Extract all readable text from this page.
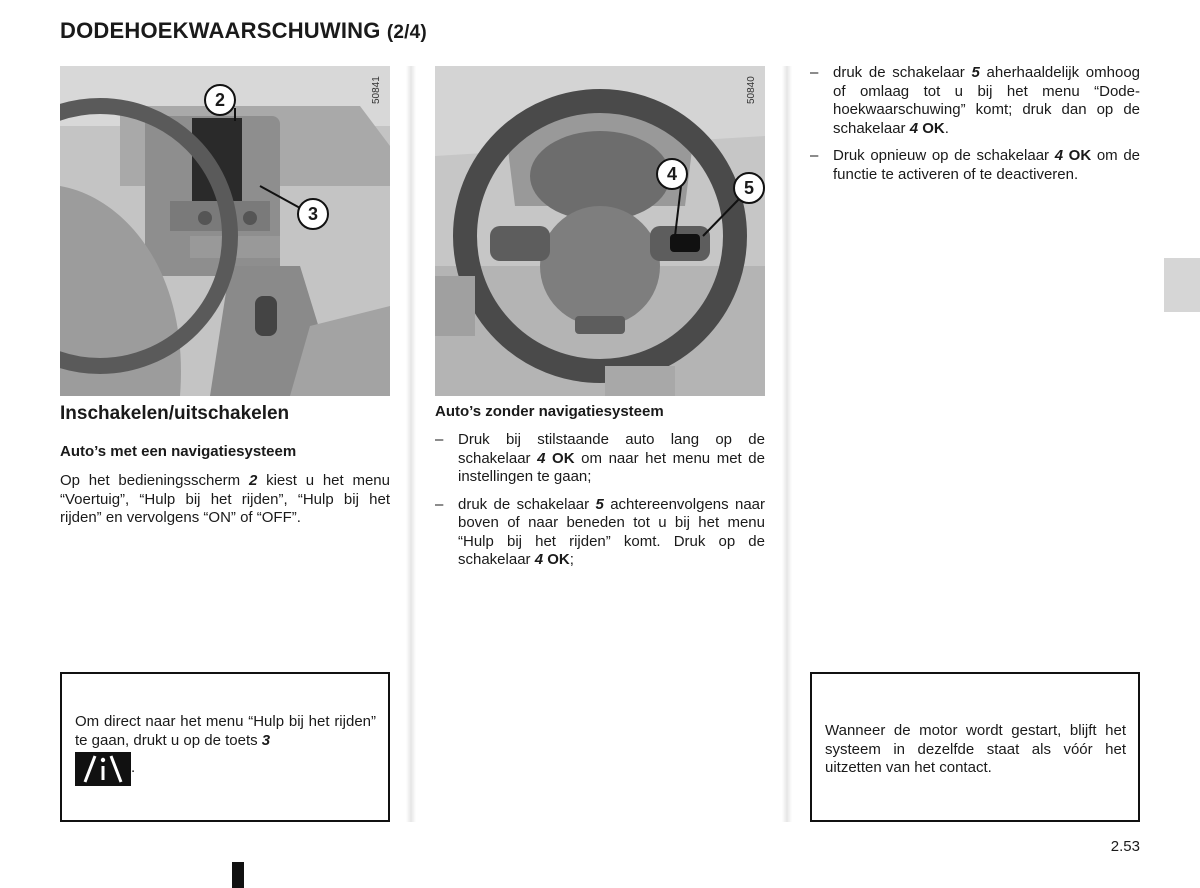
DODEHOEKWAARSCHUWING (2/4)
2
3
50841
4
5
50840
Inschakelen/uitschakelen
Auto’s met een navigatiesysteem
Op het bedieningsscherm 2 kiest u het menu “Voertuig”, “Hulp bij het rijden”, “Hulp bij het rijden” en vervolgens “ON” of “OFF”.
Om direct naar het menu “Hulp bij het rijden” te gaan, drukt u op de toets 3
.
Auto’s zonder navigatiesysteem
– Druk bij stilstaande auto lang op de schakelaar 4 OK om naar het menu met de instellingen te gaan;
– druk de schakelaar 5 achtereenvolgens naar boven of naar beneden tot u bij het menu “Hulp bij het rijden” komt. Druk op de schakelaar 4 OK;
– druk de schakelaar 5 aherhaaldelijk omhoog of omlaag tot u bij het menu “Dode-hoekwaarschuwing” komt; druk dan op de schakelaar 4 OK.
– Druk opnieuw op de schakelaar 4 OK om de functie te activeren of te deactiveren.
Wanneer de motor wordt gestart, blijft het systeem in dezelfde staat als vóór het uitzetten van het contact.
2.53
